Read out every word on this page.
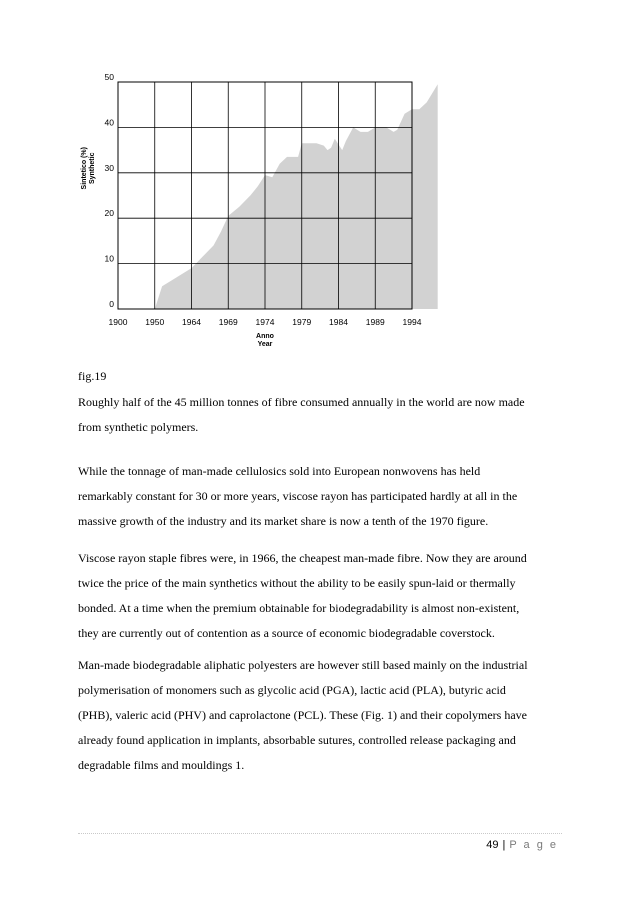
0
10
20
30
40
50
1900 1950 1964 1969 1974 1979 1984 1989 1994
Anno
Year
Sintetico (%) Synthetic
fig.19

Roughly half of the 45 million tonnes of fibre consumed annually in the world are now made
from synthetic polymers.

While the tonnage of man-made cellulosics sold into European nonwovens has held
remarkably constant for 30 or more years, viscose rayon has participated hardly at all in the
massive growth of the industry and its market share is now a tenth of the 1970 figure.

Viscose rayon staple fibres were, in 1966, the cheapest man-made fibre. Now they are around
twice the price of the main synthetics without the ability to be easily spun-laid or thermally
bonded. At a time when the premium obtainable for biodegradability is almost non-existent,
they are currently out of contention as a source of economic biodegradable coverstock.

Man-made biodegradable aliphatic polyesters are however still based mainly on the industrial
polymerisation of monomers such as glycolic acid (PGA), lactic acid (PLA), butyric acid
(PHB), valeric acid (PHV) and caprolactone (PCL). These (Fig. 1) and their copolymers have
already found application in implants, absorbable sutures, controlled release packaging and
degradable films and mouldings 1.

49 | P a g e
